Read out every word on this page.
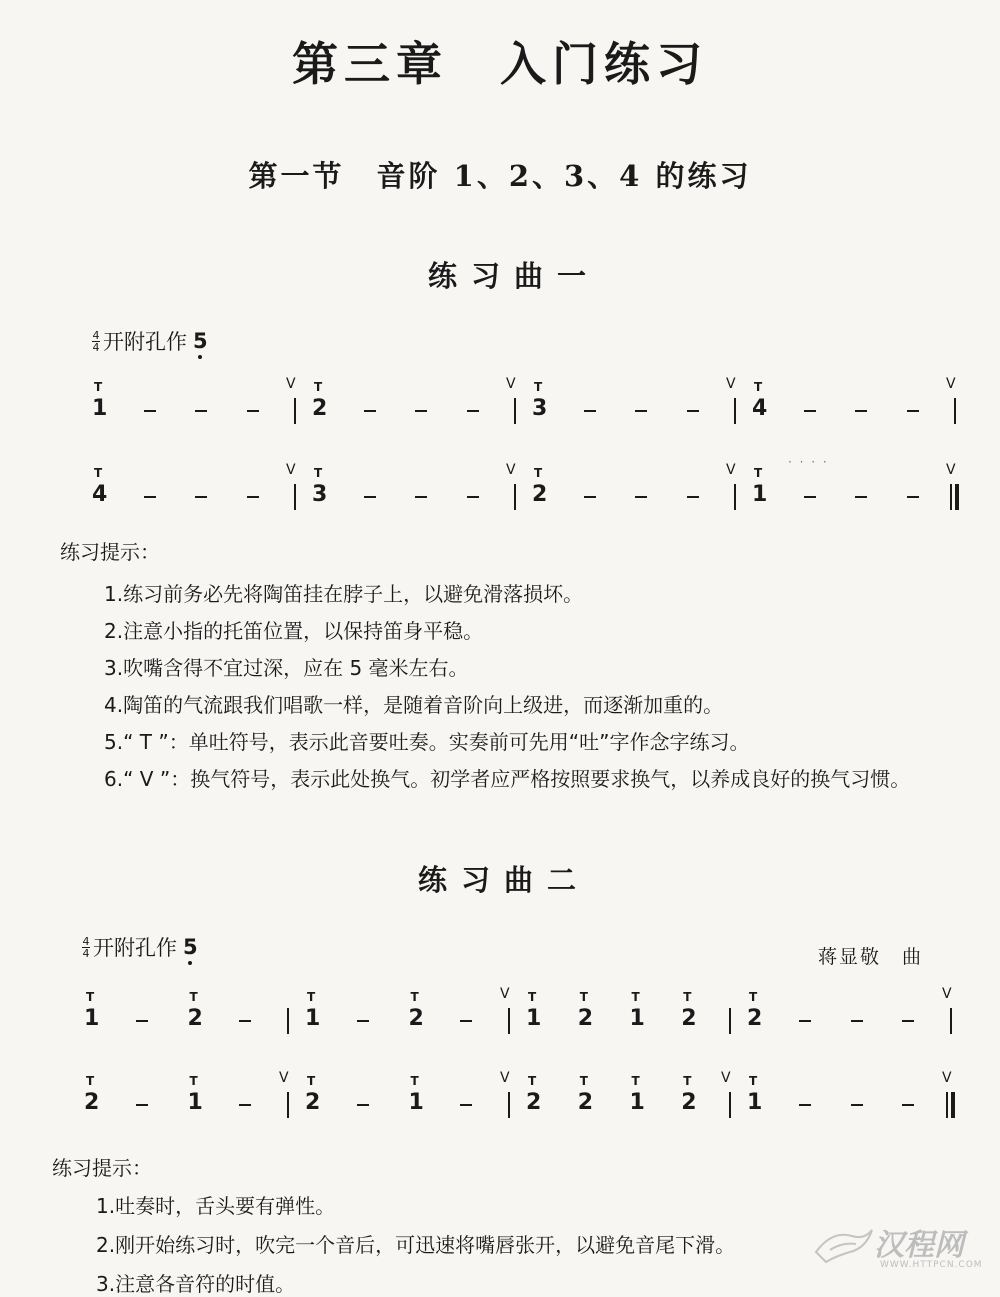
第三章　入门练习
第一节　音阶 1、2、3、4 的练习
练习曲一
$\frac{4}{4}$ 开附孔作 5
T
1
V T
2
V T
3
V T
4
V
T
4
V T
3
V T
2
V T
1
V
· · · ·
练习提示：
1.练习前务必先将陶笛挂在脖子上，以避免滑落损坏。
2.注意小指的托笛位置，以保持笛身平稳。
3.吹嘴含得不宜过深，应在 5 毫米左右。
4.陶笛的气流跟我们唱歌一样，是随着音阶向上级进，而逐渐加重的。
5.“ T ”：单吐符号，表示此音要吐奏。实奏前可先用“吐”字作念字练习。
6.“ V ”：换气符号，表示此处换气。初学者应严格按照要求换气，以养成良好的换气习惯。
练习曲二
$\frac{4}{4}$ 开附孔作 5	蒋显敬　曲
T
1
T
2
T
1
T
2
V T
1
T
2
T
1
T
2
T
2
V
T
2
T
1
V T
2
T
1
V T
2
T
2
T
1
T
2
V T
1
V
练习提示：
1.吐奏时，舌头要有弹性。
2.刚开始练习时，吹完一个音后，可迅速将嘴唇张开，以避免音尾下滑。
3.注意各音符的时值。
汉程网
WWW.HTTPCN.COM
